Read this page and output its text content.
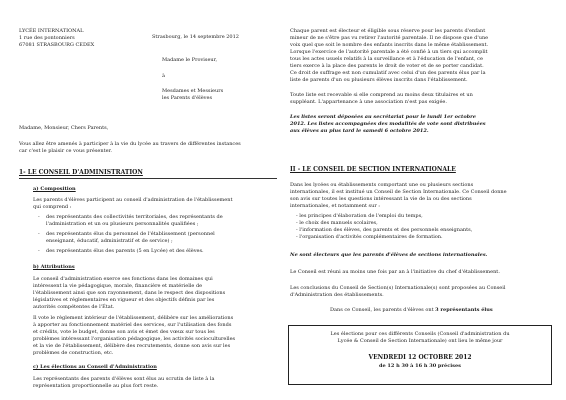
LYCÉE INTERNATIONAL
1 rue des pontonniers
67081 STRASBOURG CEDEX
Strasbourg, le 14 septembre 2012
Madame le Proviseur,
à
Mesdames et Messieurs
les Parents d'élèves
Madame, Monsieur, Chers Parents,
Vous allez être amenés à participer à la vie du lycée au travers de différentes instances
car c'est le plaisir ce vous présenter.
1- LE CONSEIL D'ADMINISTRATION
a) Composition
Les parents d'élèves participent au conseil d'administration de l'établissement
qui comprend :
- des représentants des collectivités territoriales, des représentants de
l'administration et un ou plusieurs personnalités qualifiées ;
- des représentants élus du personnel de l'établissement (personnel
enseignant, éducatif, administratif et de service) ;
- des représentants élus des parents (5 en Lycée) et des élèves.
b) Attributions
Le conseil d'administration exerce ses fonctions dans les domaines qui
intéressent la vie pédagogique, morale, financière et matérielle de
l'établissement ainsi que son rayonnement, dans le respect des dispositions
législatives et réglementaires en vigueur et des objectifs définis par les
autorités compétentes de l'État.
Il vote le règlement intérieur de l'établissement, délibère sur les améliorations
à apporter au fonctionnement matériel des services, sur l'utilisation des fonds
et crédits, vote le budget, donne son avis et émet des vœux sur tous les
problèmes intéressant l'organisation pédagogique, les activités socioculturelles
et la vie de l'établissement, délibère des recrutements, donne son avis sur les
problèmes de construction, etc.
c) Les élections au Conseil d'Administration
Les représentants des parents d'élèves sont élus au scrutin de liste à la
représentation proportionnelle au plus fort reste.
Chaque parent est électeur et éligible sous réserve pour les parents d'enfant
mineur de ne s'être pas vu retirer l'autorité parentale. Il ne dispose que d'une
voix quel que soit le nombre des enfants inscrits dans le même établissement.
Lorsque l'exercice de l'autorité parentale a été confié à un tiers qui accomplit
tous les actes usuels relatifs à la surveillance et à l'éducation de l'enfant, ce
tiers exerce à la place des parents le droit de voter et de se porter candidat.
Ce droit de suffrage est non cumulatif avec celui d'un des parents élus par la
liste de parents d'un ou plusieurs élèves inscrits dans l'établissement.
Toute liste est recevable si elle comprend au moins deux titulaires et un
suppléant. L'appartenance à une association n'est pas exigée.
Les listes seront déposées au secrétariat pour le lundi 1er octobre
2012. Les listes accompagnées des modalités de vote sont distribuées
aux élèves au plus tard le samedi 6 octobre 2012.
II - LE CONSEIL DE SECTION INTERNATIONALE
Dans les lycées ou établissements comportant une ou plusieurs sections
internationales, il est institué un Conseil de Section Internationale. Ce Conseil donne
son avis sur toutes les questions intéressant la vie de la ou des sections
internationales, et notamment sur :
- les principes d'élaboration de l'emploi du temps,
- le choix des manuels scolaires,
- l'information des élèves, des parents et des personnels enseignants,
- l'organisation d'activités complémentaires de formation.
Ne sont électeurs que les parents d'élèves de sections internationales.
Le Conseil est réuni au moins une fois par an à l'initiative du chef d'établissement.
Les conclusions du Conseil de Section(s) Internationale(s) sont proposées au Conseil
d'Administration des établissements.
Dans ce Conseil, les parents d'élèves ont 3 représentants élus
Les élections pour ces différents Conseils (Conseil d'administration du
Lycée & Conseil de Section Internationale) ont lieu le même jour
VENDREDI 12 OCTOBRE 2012
de 12 h 30 à 16 h 30 précises
